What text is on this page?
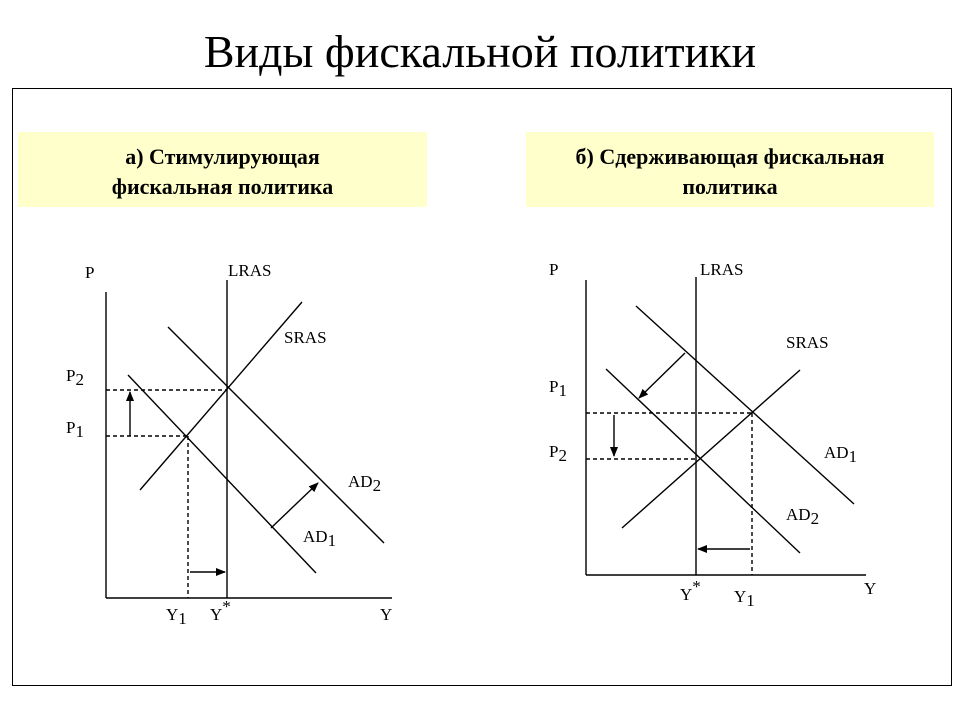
Виды фискальной политики
а) Стимулирующая
фискальная политика
б) Сдерживающая фискальная
политика
P	LRAS
SRAS
P2
P1
AD2
AD1
Y1 Y*	Y
P	LRAS
SRAS
P1
P2	AD1
AD2
Y*
Y1
Y
